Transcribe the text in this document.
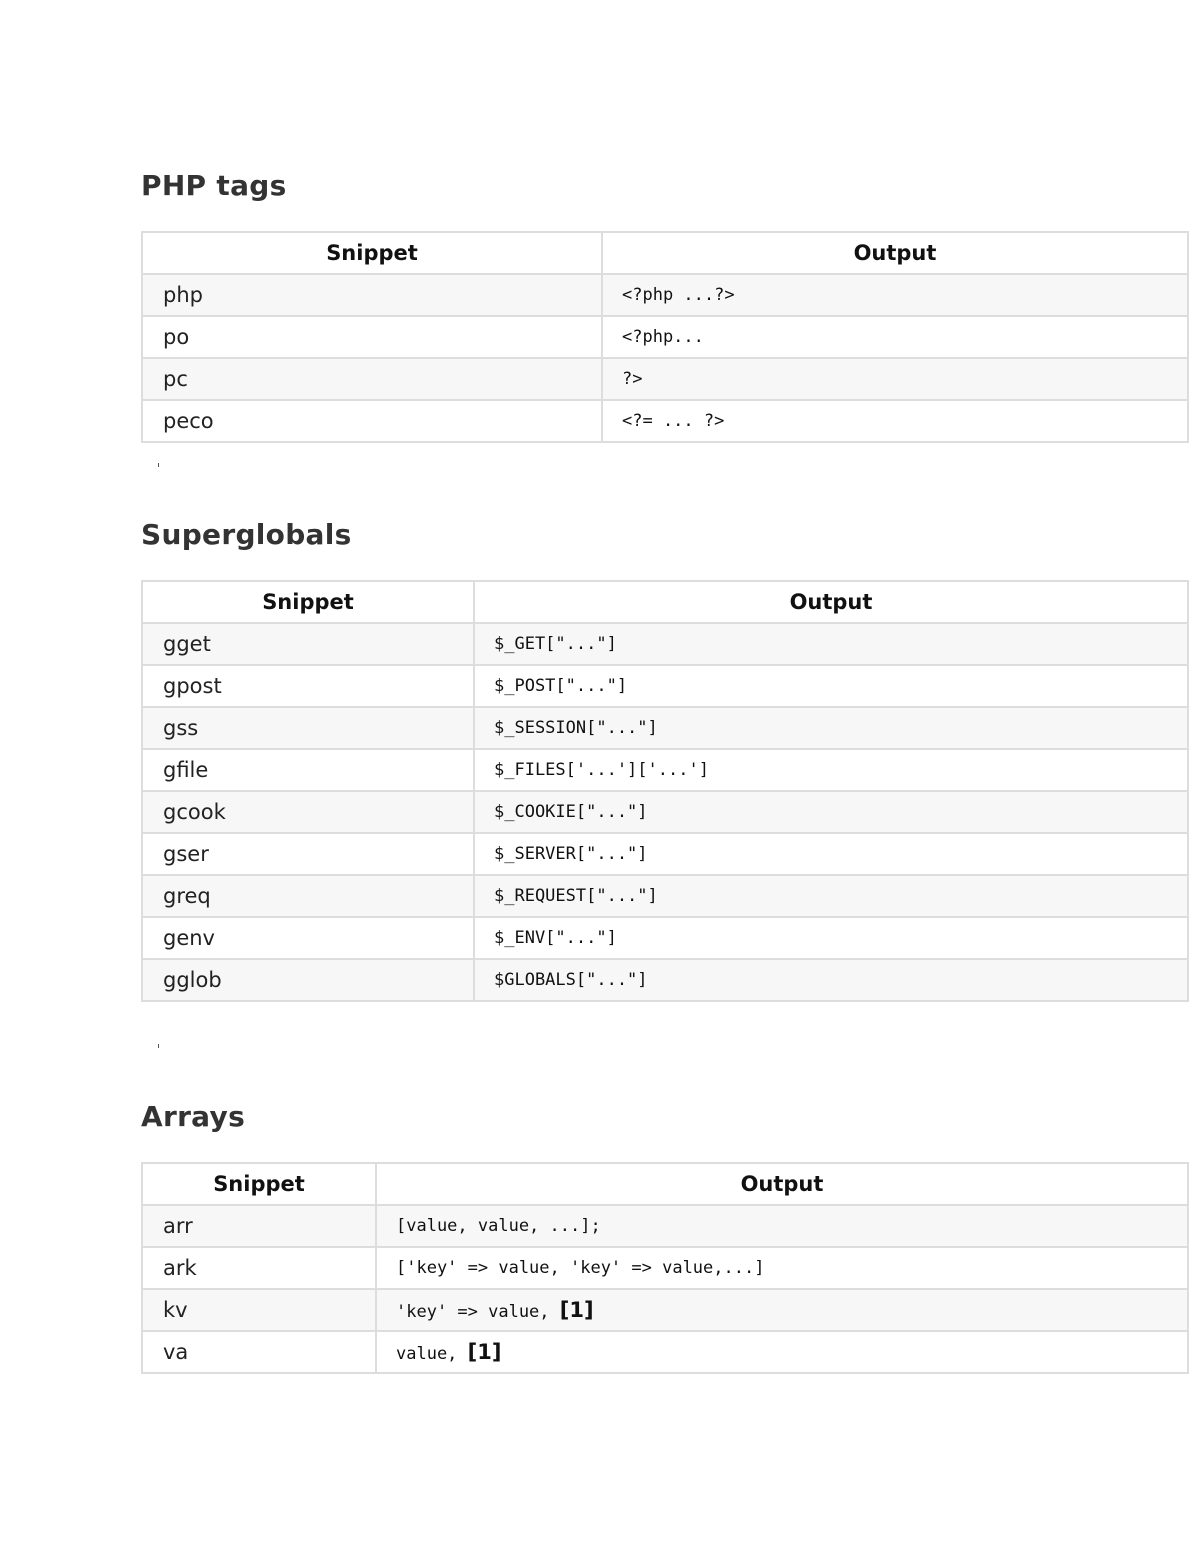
PHP tags
Snippet	Output
php	<?php ...?>
po	<?php...
pc	?>
peco	<?= ... ?>
Superglobals
Snippet	Output
gget	$_GET["..."]
gpost	$_POST["..."]
gss	$_SESSION["..."]
gfile	$_FILES['...']['...']
gcook	$_COOKIE["..."]
gser	$_SERVER["..."]
greq	$_REQUEST["..."]
genv	$_ENV["..."]
gglob	$GLOBALS["..."]
Arrays
Snippet	Output
arr	[value, value, ...];
ark	['key' => value, 'key' => value,...]
kv	'key' => value, [1]
va	value, [1]
